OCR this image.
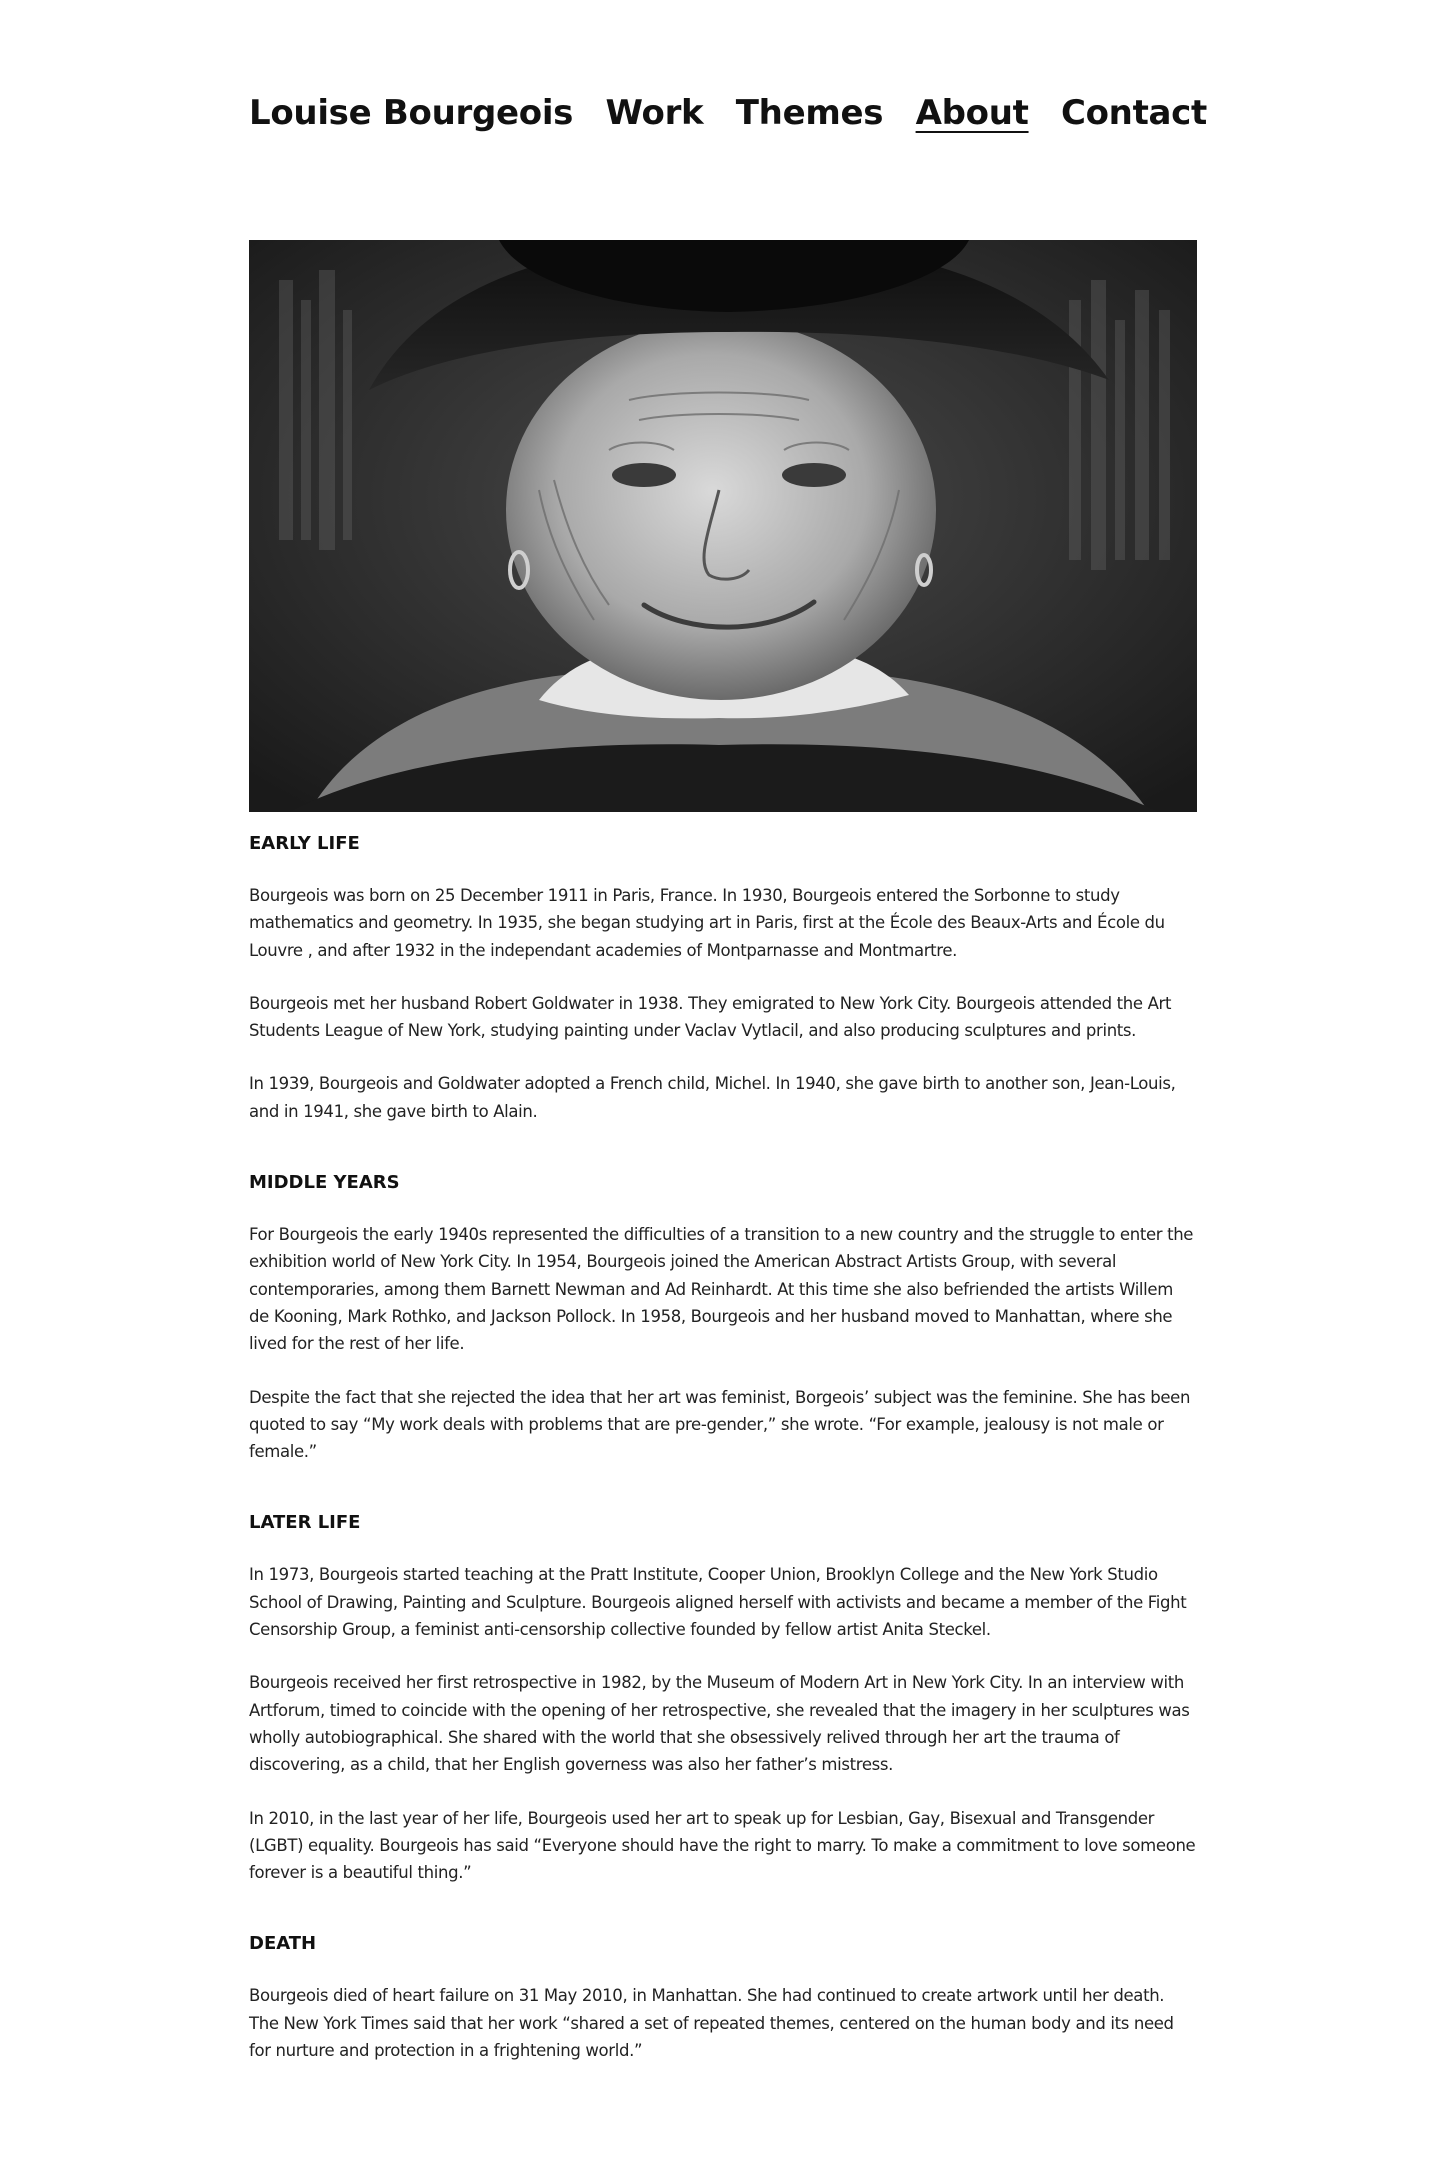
Louise Bourgeois Work Themes About Contact
EARLY LIFE

Bourgeois was born on 25 December 1911 in Paris, France. In 1930, Bourgeois entered the Sorbonne to study mathematics and geometry. In 1935, she began studying art in Paris, first at the École des Beaux-Arts and École du Louvre , and after 1932 in the independant academies of Montparnasse and Montmartre.

Bourgeois met her husband Robert Goldwater in 1938. They emigrated to New York City. Bourgeois attended the Art Students League of New York, studying painting under Vaclav Vytlacil, and also producing sculptures and prints.

In 1939, Bourgeois and Goldwater adopted a French child, Michel. In 1940, she gave birth to another son, Jean-Louis, and in 1941, she gave birth to Alain.

MIDDLE YEARS

For Bourgeois the early 1940s represented the difficulties of a transition to a new country and the struggle to enter the exhibition world of New York City. In 1954, Bourgeois joined the American Abstract Artists Group, with several contemporaries, among them Barnett Newman and Ad Reinhardt. At this time she also befriended the artists Willem de Kooning, Mark Rothko, and Jackson Pollock. In 1958, Bourgeois and her husband moved to Manhattan, where she lived for the rest of her life.

Despite the fact that she rejected the idea that her art was feminist, Borgeois’ subject was the feminine. She has been quoted to say “My work deals with problems that are pre-gender,” she wrote. “For example, jealousy is not male or female.”

LATER LIFE

In 1973, Bourgeois started teaching at the Pratt Institute, Cooper Union, Brooklyn College and the New York Studio School of Drawing, Painting and Sculpture. Bourgeois aligned herself with activists and became a member of the Fight Censorship Group, a feminist anti-censorship collective founded by fellow artist Anita Steckel.

Bourgeois received her first retrospective in 1982, by the Museum of Modern Art in New York City. In an interview with Artforum, timed to coincide with the opening of her retrospective, she revealed that the imagery in her sculptures was wholly autobiographical. She shared with the world that she obsessively relived through her art the trauma of discovering, as a child, that her English governess was also her father’s mistress.

In 2010, in the last year of her life, Bourgeois used her art to speak up for Lesbian, Gay, Bisexual and Transgender (LGBT) equality. Bourgeois has said “Everyone should have the right to marry. To make a commitment to love someone forever is a beautiful thing.”

DEATH

Bourgeois died of heart failure on 31 May 2010, in Manhattan. She had continued to create artwork until her death. The New York Times said that her work “shared a set of repeated themes, centered on the human body and its need for nurture and protection in a frightening world.”
